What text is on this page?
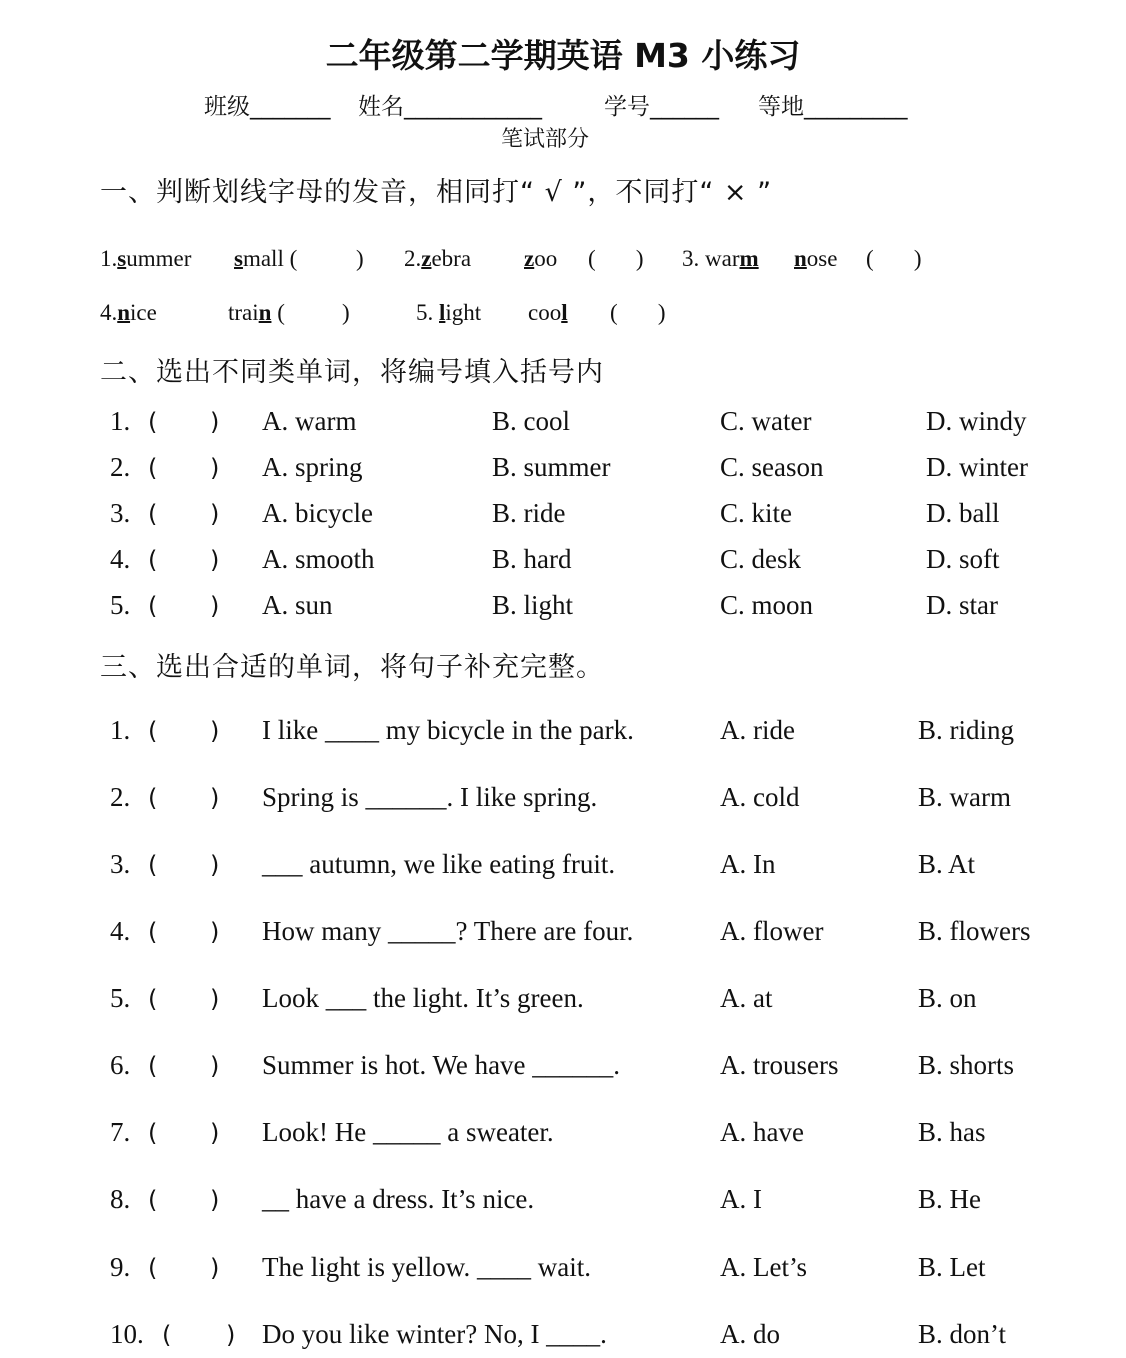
二年级第二学期英语 M3 小练习
班级_______ 姓名____________	学号______ 等地_________
笔试部分
一、判断划线字母的发音，相同打“ √ ”，不同打“ × ”
1.summer small (	) 2.zebra zoo (       ) 3. warm nose (       )
4.nice	train ( )	5. light cool (       )
二、选出不同类单词，将编号填入括号内
1. ( ) A. warm	B. cool	C. water	D. windy
2. ( ) A. spring	B. summer	C. season	D. winter
3. ( ) A. bicycle	B. ride	C. kite	D. ball
4. ( ) A. smooth	B. hard	C. desk	D. soft
5. ( ) A. sun	B. light	C. moon	D. star
三、选出合适的单词，将句子补充完整。
1. ( ) I like ____ my bicycle in the park.	A. ride	B. riding
2. ( ) Spring is ______. I like spring.	A. cold	B. warm
3. ( ) ___ autumn, we like eating fruit.	A. In	B. At
4. ( ) How many _____? There are four.	A. flower	B. flowers
5. ( ) Look ___ the light. It’s green.	A. at	B. on
6. ( ) Summer is hot. We have ______.	A. trousers	B. shorts
7. ( ) Look! He _____ a sweater.	A. have	B. has
8. ( ) __ have a dress. It’s nice.	A. I	B. He
9. ( ) The light is yellow. ____ wait.	A. Let’s	B. Let
10. ( ) Do you like winter? No, I ____.	A. do	B. don’t
